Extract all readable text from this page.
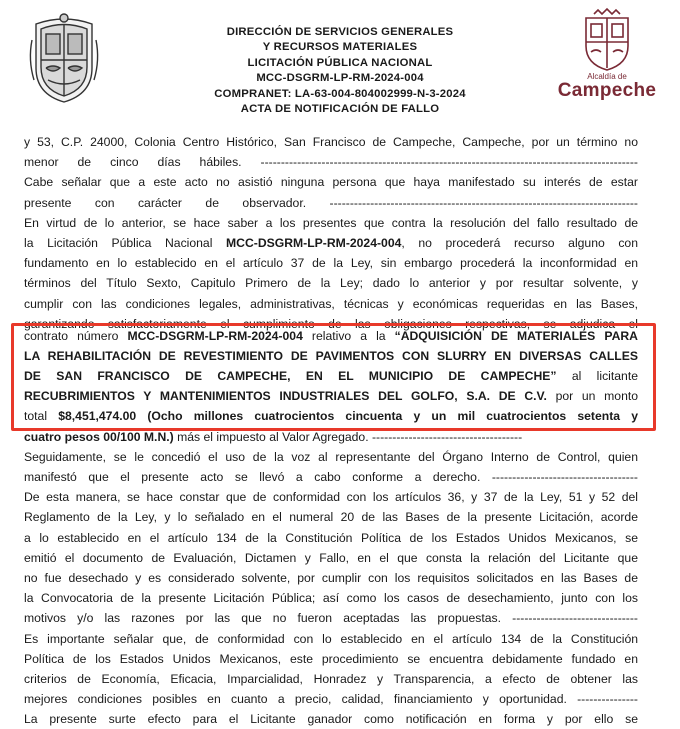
DIRECCIÓN DE SERVICIOS GENERALES
Y RECURSOS MATERIALES
LICITACIÓN PÚBLICA NACIONAL
MCC-DSGRM-LP-RM-2024-004
COMPRANET: LA-63-004-804002999-N-3-2024
ACTA DE NOTIFICACIÓN DE FALLO
Alcaldía de
Campeche
y 53, C.P. 24000, Colonia Centro Histórico, San Francisco de Campeche, Campeche, por un término no
menor de cinco días hábiles. ---------------------------------------------------------------------------------------------
Cabe señalar que a este acto no asistió ninguna persona que haya manifestado su interés de estar
presente con carácter de observador. ----------------------------------------------------------------------------
En virtud de lo anterior, se hace saber a los presentes que contra la resolución del fallo resultado de
la Licitación Pública Nacional MCC-DSGRM-LP-RM-2024-004, no procederá recurso alguno con
fundamento en lo establecido en el artículo 37 de la Ley, sin embargo procederá la inconformidad en
términos del Título Sexto, Capitulo Primero de la Ley; dado lo anterior y por resultar solvente, y
cumplir con las condiciones legales, administrativas, técnicas y económicas requeridas en las Bases,
garantizando satisfactoriamente el cumplimiento de las obligaciones respectivas, se adjudica el
contrato número MCC-DSGRM-LP-RM-2024-004 relativo a la “ADQUISICIÓN DE MATERIALES PARA
LA REHABILITACIÓN DE REVESTIMIENTO DE PAVIMENTOS CON SLURRY EN DIVERSAS CALLES
DE SAN FRANCISCO DE CAMPECHE, EN EL MUNICIPIO DE CAMPECHE” al licitante
RECUBRIMIENTOS Y MANTENIMIENTOS INDUSTRIALES DEL GOLFO, S.A. DE C.V. por un monto
total $8,451,474.00 (Ocho millones cuatrocientos cincuenta y un mil cuatrocientos setenta y
cuatro pesos 00/100 M.N.) más el impuesto al Valor Agregado. -------------------------------------
Seguidamente, se le concedió el uso de la voz al representante del Órgano Interno de Control, quien
manifestó que el presente acto se llevó a cabo conforme a derecho. ------------------------------------
De esta manera, se hace constar que de conformidad con los artículos 36, y 37 de la Ley, 51 y 52 del
Reglamento de la Ley, y lo señalado en el numeral 20 de las Bases de la presente Licitación, acorde
a lo establecido en el artículo 134 de la Constitución Política de los Estados Unidos Mexicanos, se
emitió el documento de Evaluación, Dictamen y Fallo, en el que consta la relación del Licitante que
no fue desechado y es considerado solvente, por cumplir con los requisitos solicitados en las Bases de
la Convocatoria de la presente Licitación Pública; así como los casos de desechamiento, junto con los
motivos y/o las razones por las que no fueron aceptadas las propuestas. -------------------------------
Es importante señalar que, de conformidad con lo establecido en el artículo 134 de la Constitución
Política de los Estados Unidos Mexicanos, este procedimiento se encuentra debidamente fundado en
criterios de Economía, Eficacia, Imparcialidad, Honradez y Transparencia, a efecto de obtener las
mejores condiciones posibles en cuanto a precio, calidad, financiamiento y oportunidad. ---------------
La presente surte efecto para el Licitante ganador como notificación en forma y por ello se
